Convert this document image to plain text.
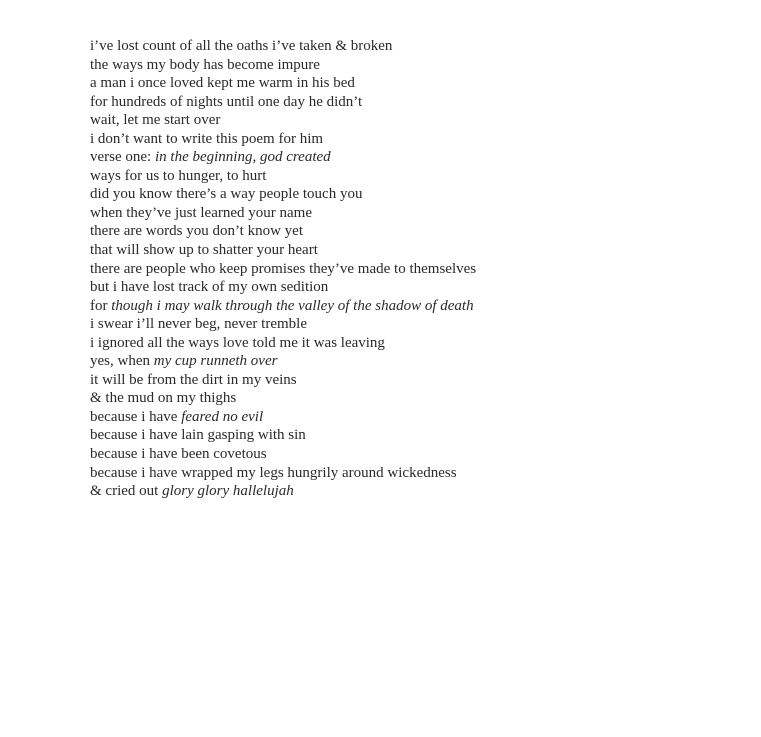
i’ve lost count of all the oaths i’ve taken & broken
the ways my body has become impure
a man i once loved kept me warm in his bed
for hundreds of nights until one day he didn’t
wait, let me start over
i don’t want to write this poem for him
verse one: in the beginning, god created
ways for us to hunger, to hurt
did you know there’s a way people touch you
when they’ve just learned your name
there are words you don’t know yet
that will show up to shatter your heart
there are people who keep promises they’ve made to themselves
but i have lost track of my own sedition
for though i may walk through the valley of the shadow of death
i swear i’ll never beg, never tremble
i ignored all the ways love told me it was leaving
yes, when my cup runneth over
it will be from the dirt in my veins
& the mud on my thighs
because i have feared no evil
because i have lain gasping with sin
because i have been covetous
because i have wrapped my legs hungrily around wickedness
& cried out glory glory hallelujah
